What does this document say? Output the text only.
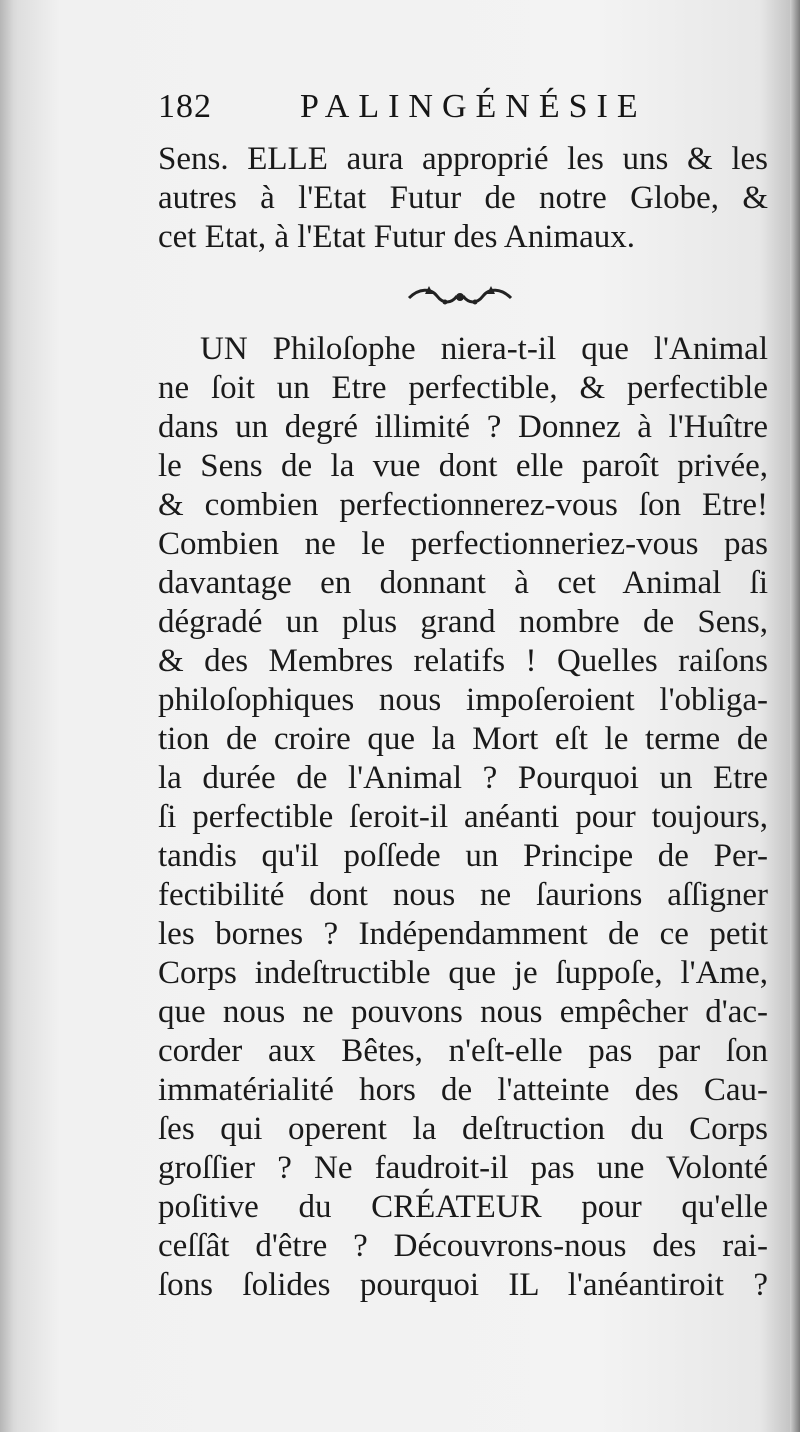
182	PALINGÉNÉSIE
Sens. ELLE aura approprié les uns & les
autres à l'Etat Futur de notre Globe, &
cet Etat, à l'Etat Futur des Animaux.
UN Philoſophe niera-t-il que l'Animal
ne ſoit un Etre perfectible, & perfectible
dans un degré illimité ? Donnez à l'Huître
le Sens de la vue dont elle paroît privée,
& combien perfectionnerez-vous ſon Etre!
Combien ne le perfectionneriez-vous pas
davantage en donnant à cet Animal ſi
dégradé un plus grand nombre de Sens,
& des Membres relatifs ! Quelles raiſons
philoſophiques nous impoſeroient l'obliga-
tion de croire que la Mort eſt le terme de
la durée de l'Animal ? Pourquoi un Etre
ſi perfectible ſeroit-il anéanti pour toujours,
tandis qu'il poſſede un Principe de Per-
fectibilité dont nous ne ſaurions aſſigner
les bornes ? Indépendamment de ce petit
Corps indeſtructible que je ſuppoſe, l'Ame,
que nous ne pouvons nous empêcher d'ac-
corder aux Bêtes, n'eſt-elle pas par ſon
immatérialité hors de l'atteinte des Cau-
ſes qui operent la deſtruction du Corps
groſſier ? Ne faudroit-il pas une Volonté
poſitive du CRÉATEUR pour qu'elle
ceſſât d'être ? Découvrons-nous des rai-
ſons ſolides pourquoi IL l'anéantiroit ?
